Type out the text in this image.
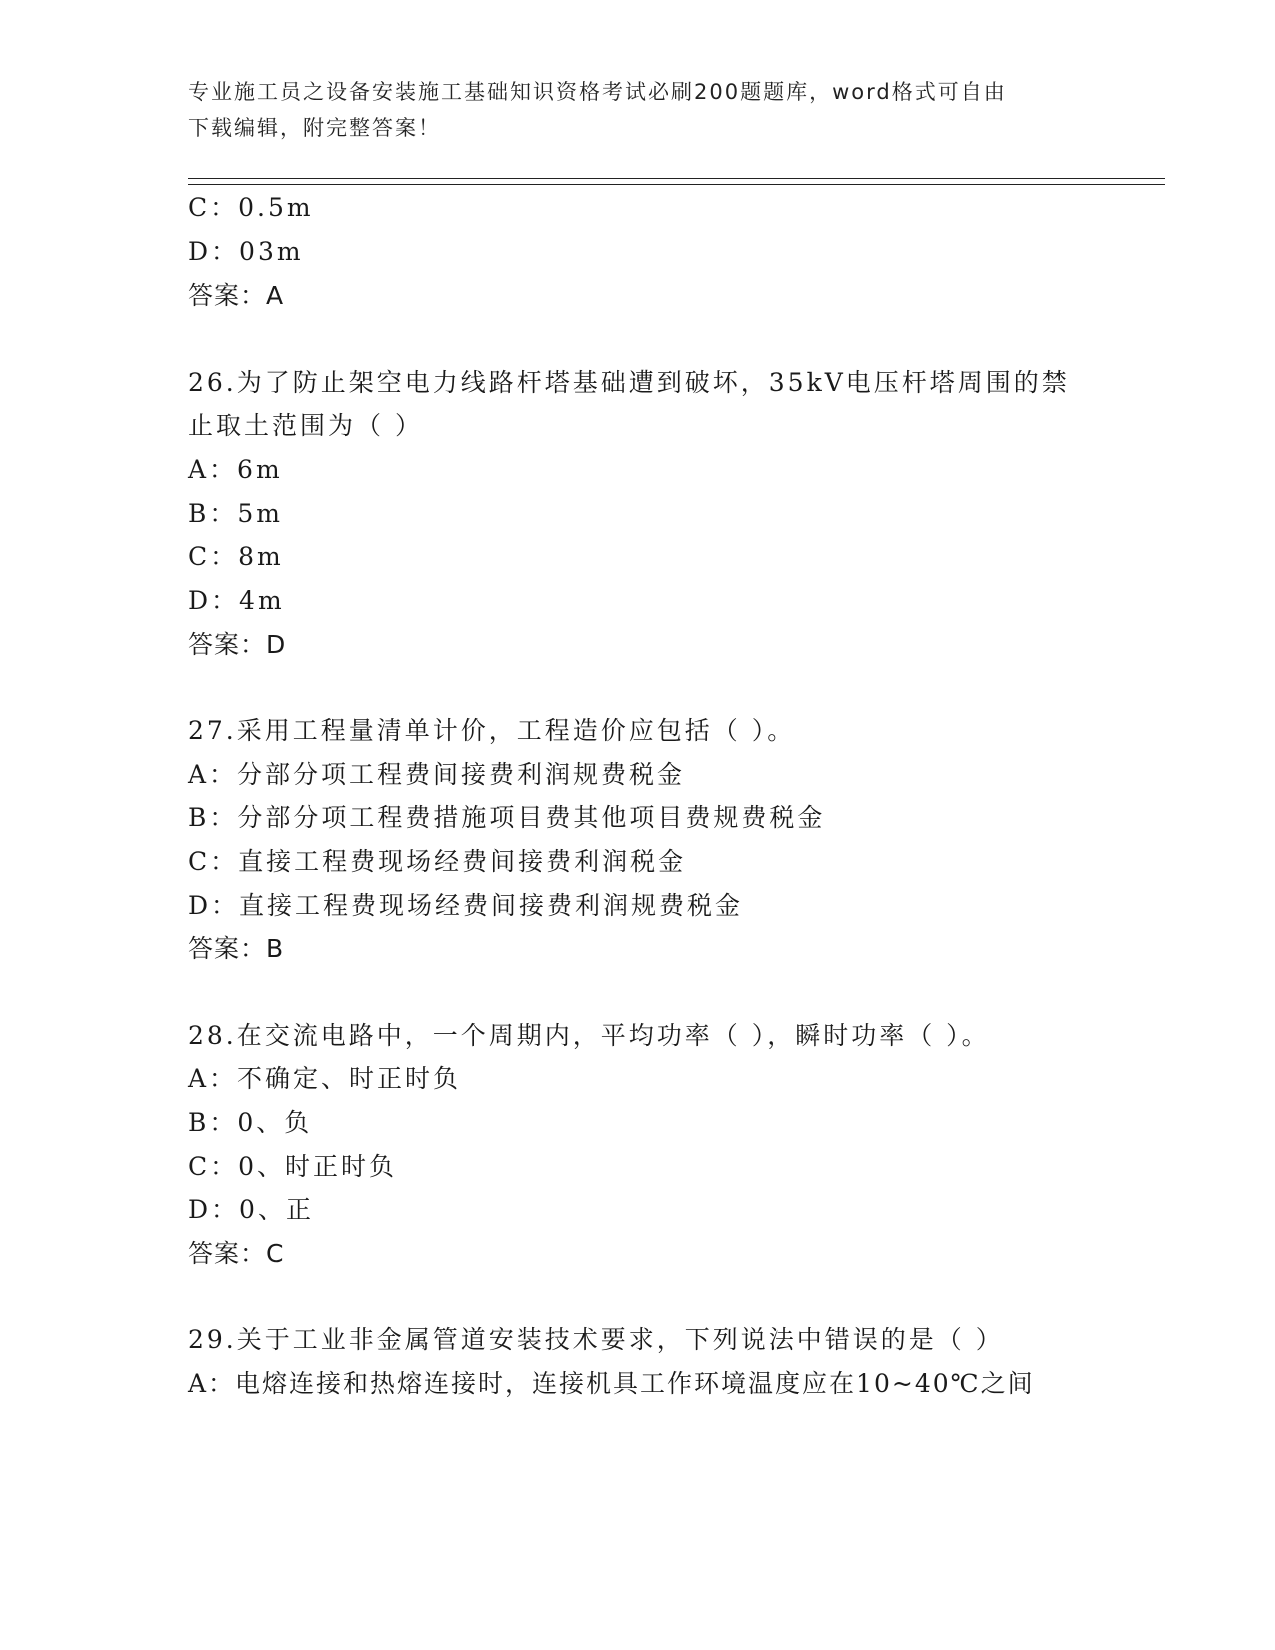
专业施工员之设备安装施工基础知识资格考试必刷200题题库，word格式可自由
下载编辑，附完整答案！
C：0.5m
D：03m
答案：A
26.为了防止架空电力线路杆塔基础遭到破坏，35kV电压杆塔周围的禁
止取土范围为（ ）
A：6m
B：5m
C：8m
D：4m
答案：D
27.采用工程量清单计价，工程造价应包括（ ）。
A：分部分项工程费间接费利润规费税金
B：分部分项工程费措施项目费其他项目费规费税金
C：直接工程费现场经费间接费利润税金
D：直接工程费现场经费间接费利润规费税金
答案：B
28.在交流电路中，一个周期内，平均功率（ ），瞬时功率（ ）。
A：不确定、时正时负
B：0、负
C：0、时正时负
D：0、正
答案：C
29.关于工业非金属管道安装技术要求，下列说法中错误的是（ ）
A：电熔连接和热熔连接时，连接机具工作环境温度应在10~40℃之间
